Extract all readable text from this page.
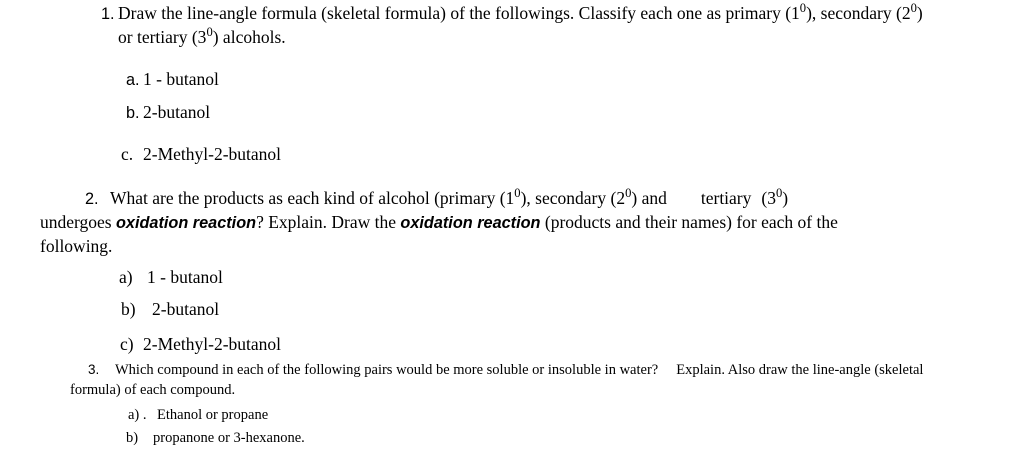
1. Draw the line-angle formula (skeletal formula) of the followings. Classify each one as primary $(1^0)$, secondary $(2^0)$
or tertiary $(3^0)$ alcohols.
a. 1 - butanol
b. 2-butanol
c. 2-Methyl-2-butanol
2. What are the products as each kind of alcohol (primary $(1^0)$, secondary $(2^0)$ and tertiary $(3^0)$
undergoes oxidation reaction? Explain. Draw the oxidation reaction (products and their names) for each of the
following.
a) 1 - butanol
b) 2-butanol
c) 2-Methyl-2-butanol
3. Which compound in each of the following pairs would be more soluble or insoluble in water? Explain. Also draw the line-angle (skeletal
formula) of each compound.
a) . Ethanol or propane
b) propanone or 3-hexanone.
